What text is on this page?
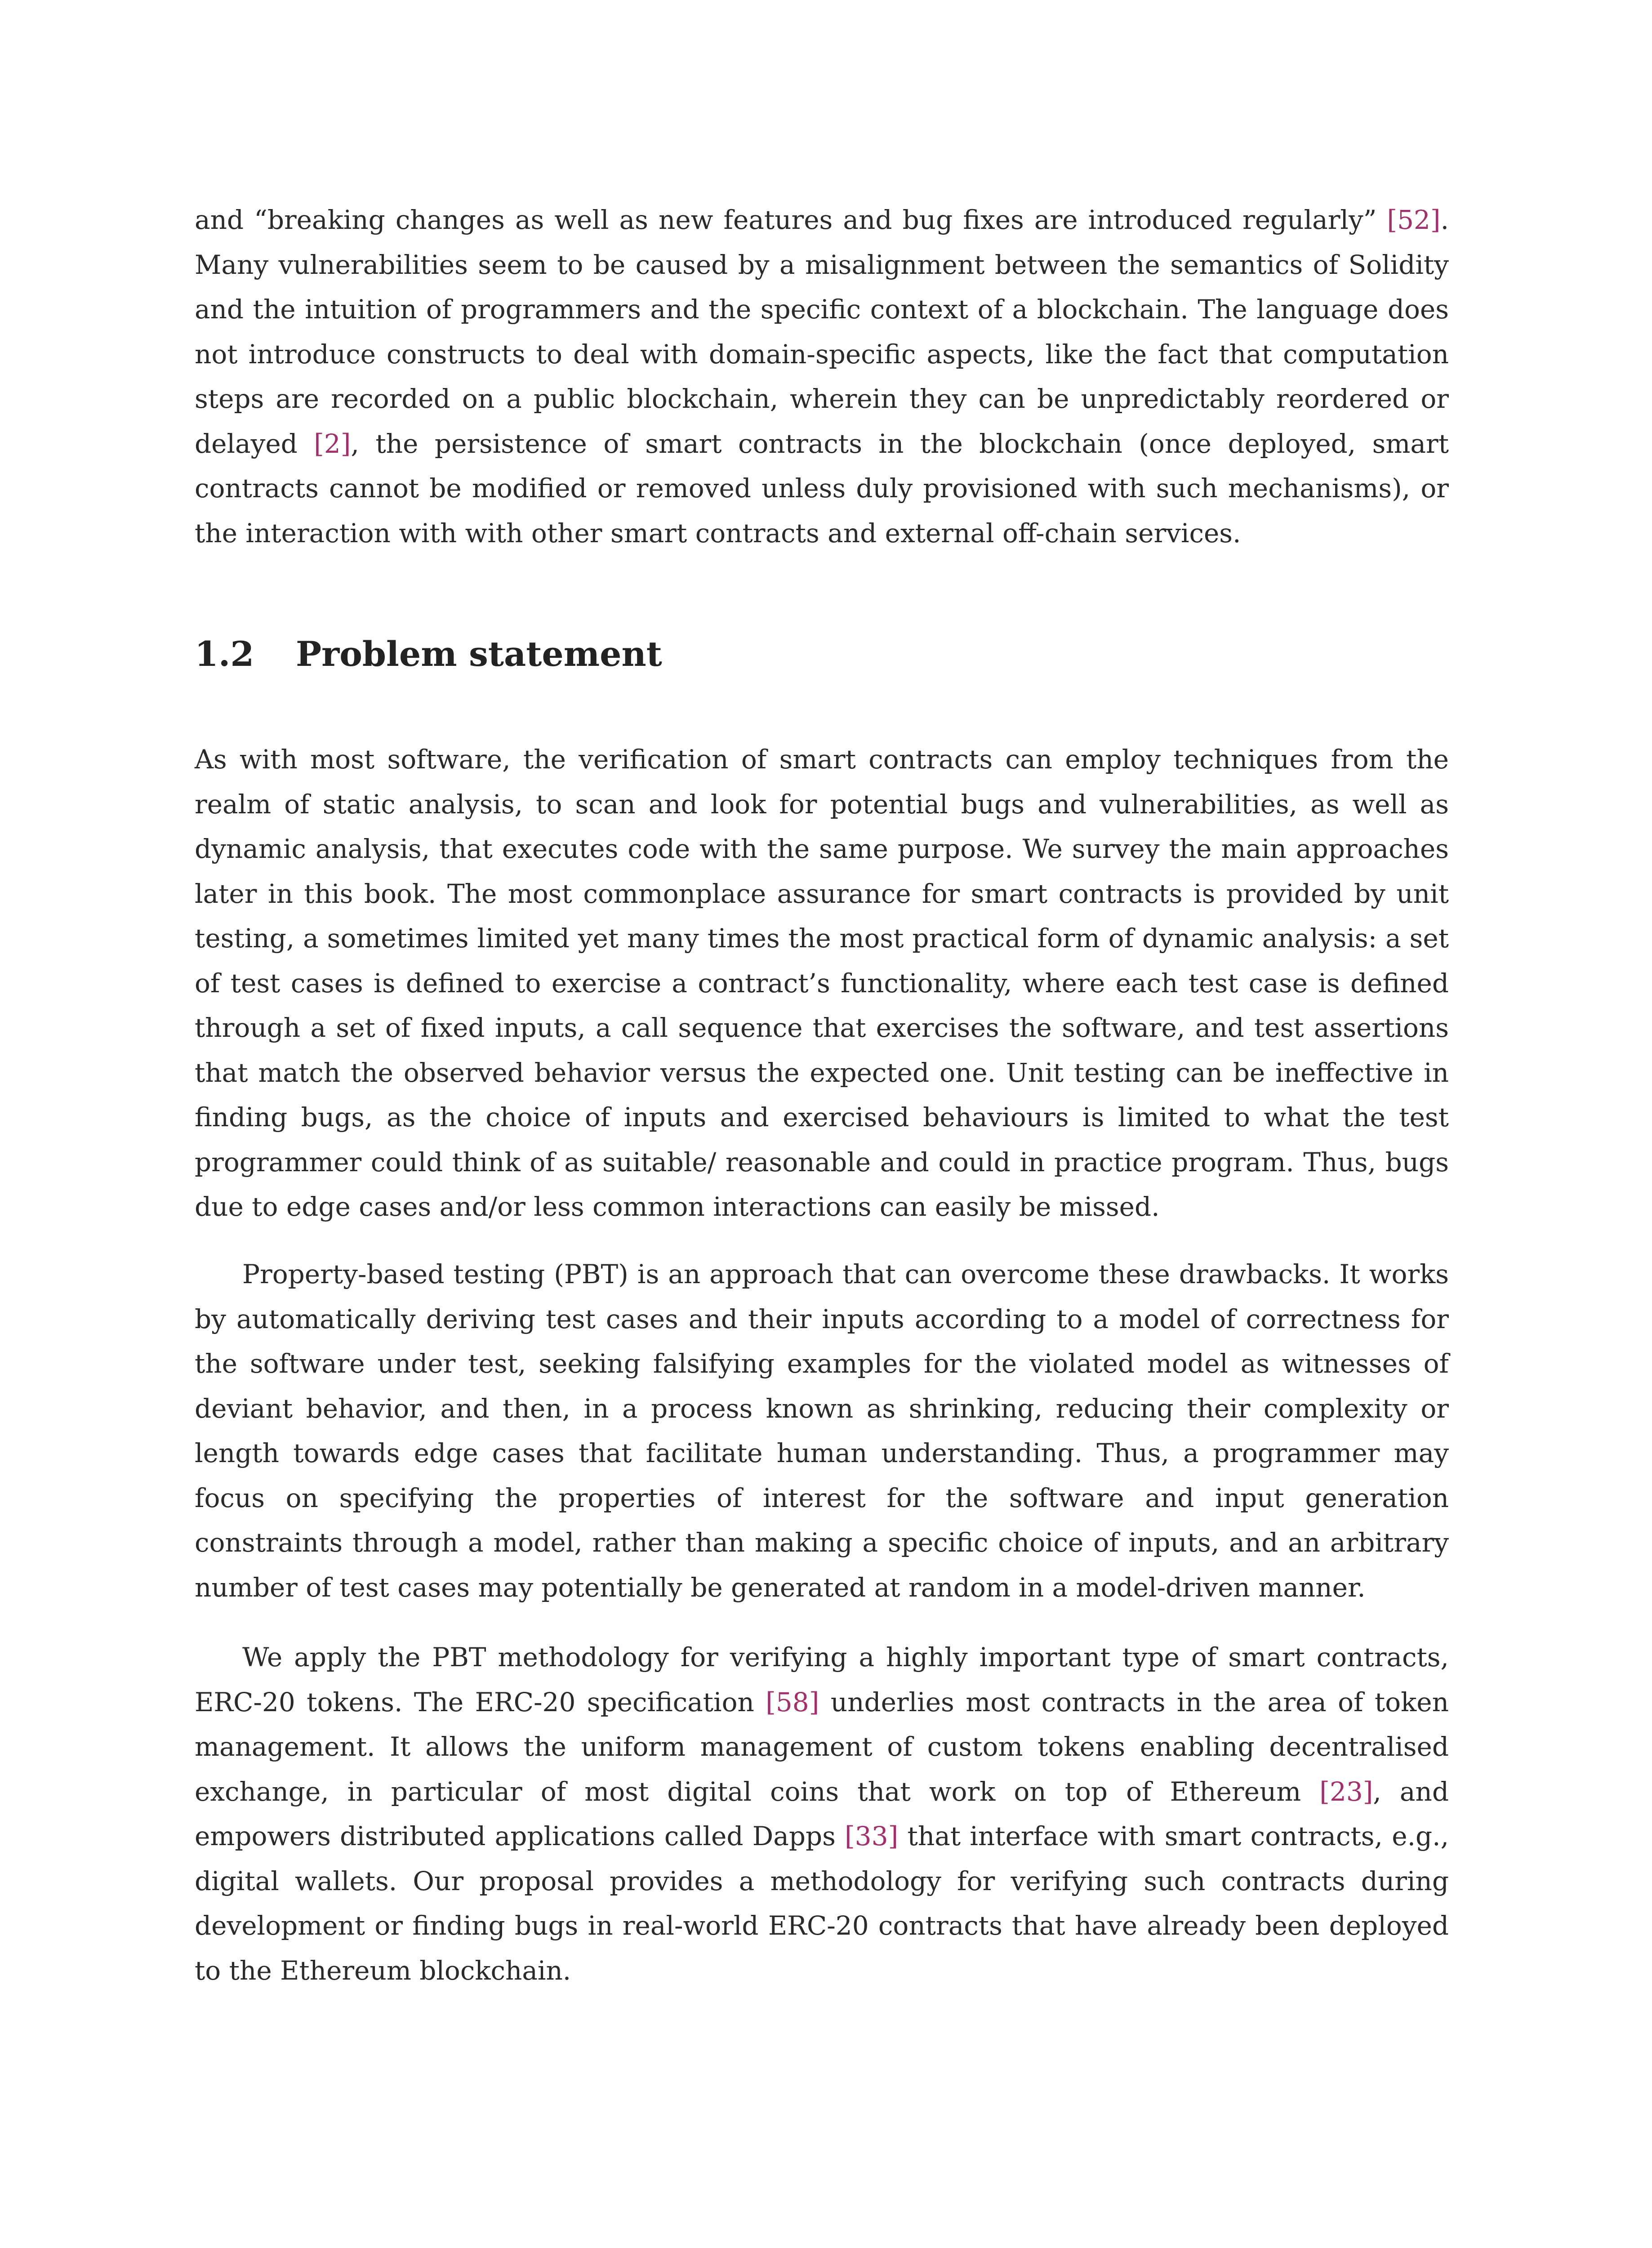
and “breaking changes as well as new features and bug fixes are introduced regularly” [52]. Many vulnerabilities seem to be caused by a misalignment between the semantics of Solidity and the intuition of programmers and the specific context of a blockchain. The language does not introduce constructs to deal with domain-specific aspects, like the fact that computation steps are recorded on a public blockchain, wherein they can be unpredictably reordered or delayed [2], the persistence of smart contracts in the blockchain (once deployed, smart contracts cannot be modified or removed unless duly provisioned with such mechanisms), or the interaction with with other smart contracts and external off-chain services.

1.2 Problem statement

As with most software, the verification of smart contracts can employ techniques from the realm of static analysis, to scan and look for potential bugs and vulnerabilities, as well as dynamic analysis, that executes code with the same purpose. We survey the main approaches later in this book. The most commonplace assurance for smart contracts is provided by unit testing, a sometimes limited yet many times the most practical form of dynamic analysis: a set of test cases is defined to exercise a contract’s functionality, where each test case is defined through a set of fixed inputs, a call sequence that exercises the software, and test assertions that match the observed behavior versus the expected one. Unit testing can be ineffective in finding bugs, as the choice of inputs and exercised behaviours is limited to what the test programmer could think of as suitable/ reasonable and could in practice program. Thus, bugs due to edge cases and/or less common interactions can easily be missed.

Property-based testing (PBT) is an approach that can overcome these drawbacks. It works by automatically deriving test cases and their inputs according to a model of correctness for the software under test, seeking falsifying examples for the violated model as witnesses of deviant behavior, and then, in a process known as shrinking, reducing their complexity or length towards edge cases that facilitate human understanding. Thus, a programmer may focus on specifying the properties of interest for the software and input generation constraints through a model, rather than making a specific choice of inputs, and an arbitrary number of test cases may potentially be generated at random in a model-driven manner.

We apply the PBT methodology for verifying a highly important type of smart contracts, ERC-20 tokens. The ERC-20 specification [58] underlies most contracts in the area of token management. It allows the uniform management of custom tokens enabling decentralised exchange, in particular of most digital coins that work on top of Ethereum [23], and empowers distributed applications called Dapps [33] that interface with smart contracts, e.g., digital wallets. Our proposal provides a methodology for verifying such contracts during development or finding bugs in real-world ERC-20 contracts that have already been deployed to the Ethereum blockchain.
